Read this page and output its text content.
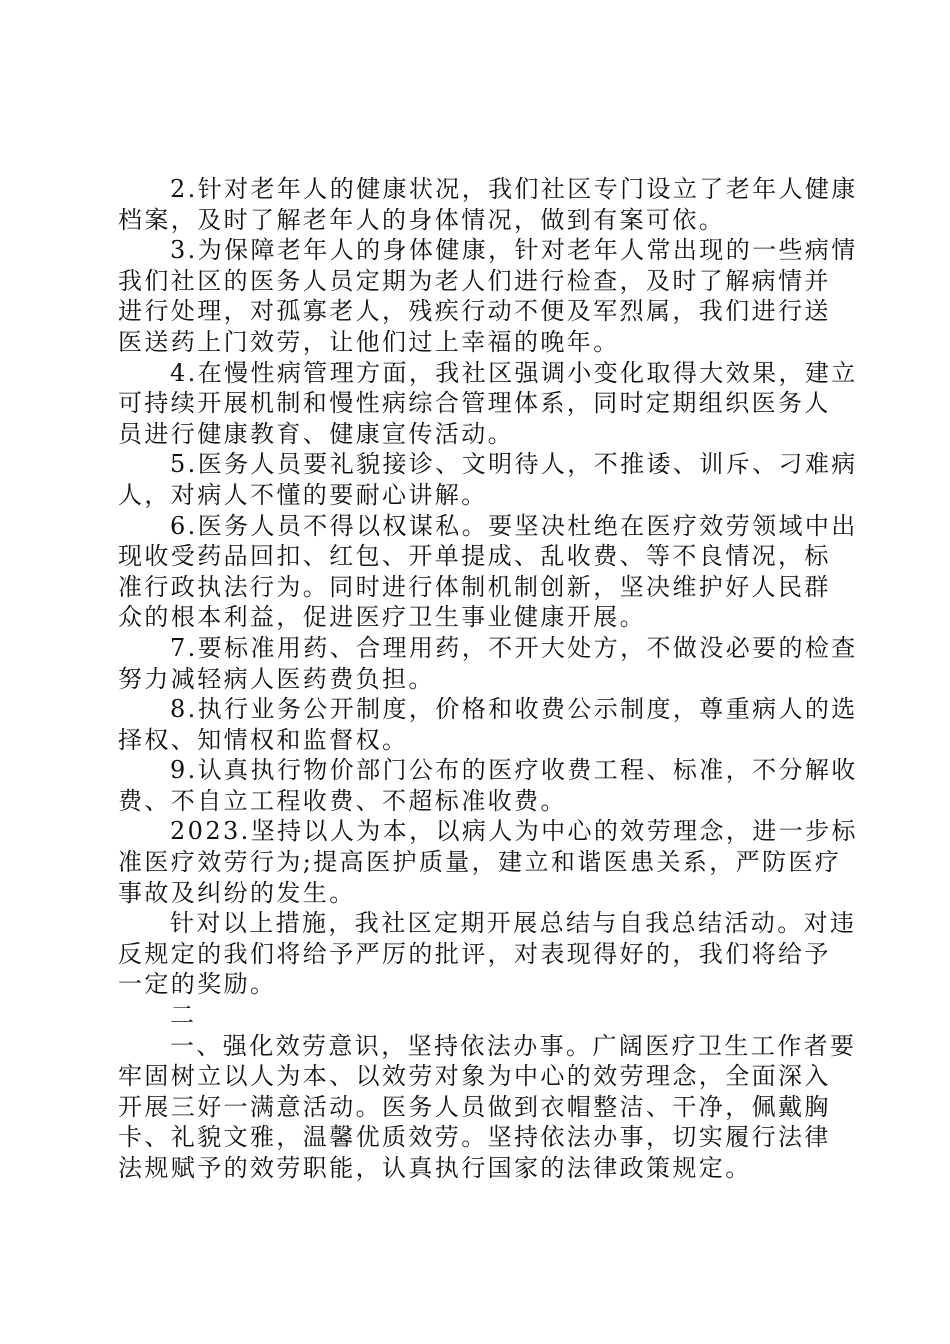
2.针对老年人的健康状况，我们社区专门设立了老年人健康
档案，及时了解老年人的身体情况，做到有案可依。
3.为保障老年人的身体健康，针对老年人常出现的一些病情
我们社区的医务人员定期为老人们进行检查，及时了解病情并
进行处理，对孤寡老人，残疾行动不便及军烈属，我们进行送
医送药上门效劳，让他们过上幸福的晚年。
4.在慢性病管理方面，我社区强调小变化取得大效果，建立
可持续开展机制和慢性病综合管理体系，同时定期组织医务人
员进行健康教育、健康宣传活动。
5.医务人员要礼貌接诊、文明待人，不推诿、训斥、刁难病
人，对病人不懂的要耐心讲解。
6.医务人员不得以权谋私。要坚决杜绝在医疗效劳领域中出
现收受药品回扣、红包、开单提成、乱收费、等不良情况，标
准行政执法行为。同时进行体制机制创新，坚决维护好人民群
众的根本利益，促进医疗卫生事业健康开展。
7.要标准用药、合理用药，不开大处方，不做没必要的检查
努力减轻病人医药费负担。
8.执行业务公开制度，价格和收费公示制度，尊重病人的选
择权、知情权和监督权。
9.认真执行物价部门公布的医疗收费工程、标准，不分解收
费、不自立工程收费、不超标准收费。
2023.坚持以人为本，以病人为中心的效劳理念，进一步标
准医疗效劳行为;提高医护质量，建立和谐医患关系，严防医疗
事故及纠纷的发生。
针对以上措施，我社区定期开展总结与自我总结活动。对违
反规定的我们将给予严厉的批评，对表现得好的，我们将给予
一定的奖励。
二
一、强化效劳意识，坚持依法办事。广阔医疗卫生工作者要
牢固树立以人为本、以效劳对象为中心的效劳理念，全面深入
开展三好一满意活动。医务人员做到衣帽整洁、干净，佩戴胸
卡、礼貌文雅，温馨优质效劳。坚持依法办事，切实履行法律
法规赋予的效劳职能，认真执行国家的法律政策规定。
